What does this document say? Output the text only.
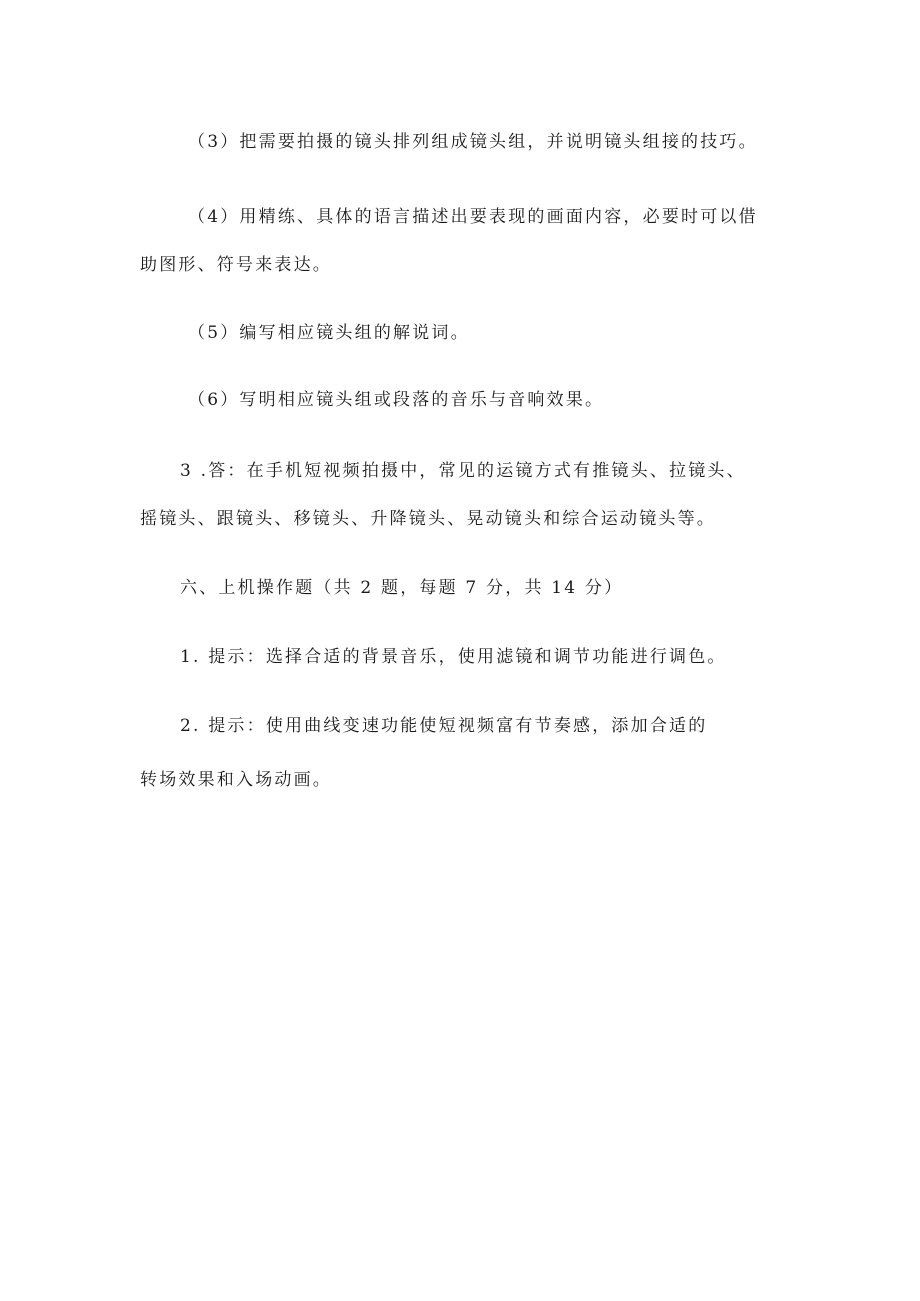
（3）把需要拍摄的镜头排列组成镜头组，并说明镜头组接的技巧。
（4）用精练、具体的语言描述出要表现的画面内容，必要时可以借
助图形、符号来表达。
（5）编写相应镜头组的解说词。
（6）写明相应镜头组或段落的音乐与音响效果。
3 .答：在手机短视频拍摄中，常见的运镜方式有推镜头、拉镜头、
摇镜头、跟镜头、移镜头、升降镜头、晃动镜头和综合运动镜头等。
六、上机操作题（共 2 题，每题 7 分，共 14 分）
1. 提示：选择合适的背景音乐，使用滤镜和调节功能进行调色。
2. 提示：使用曲线变速功能使短视频富有节奏感，添加合适的
转场效果和入场动画。
